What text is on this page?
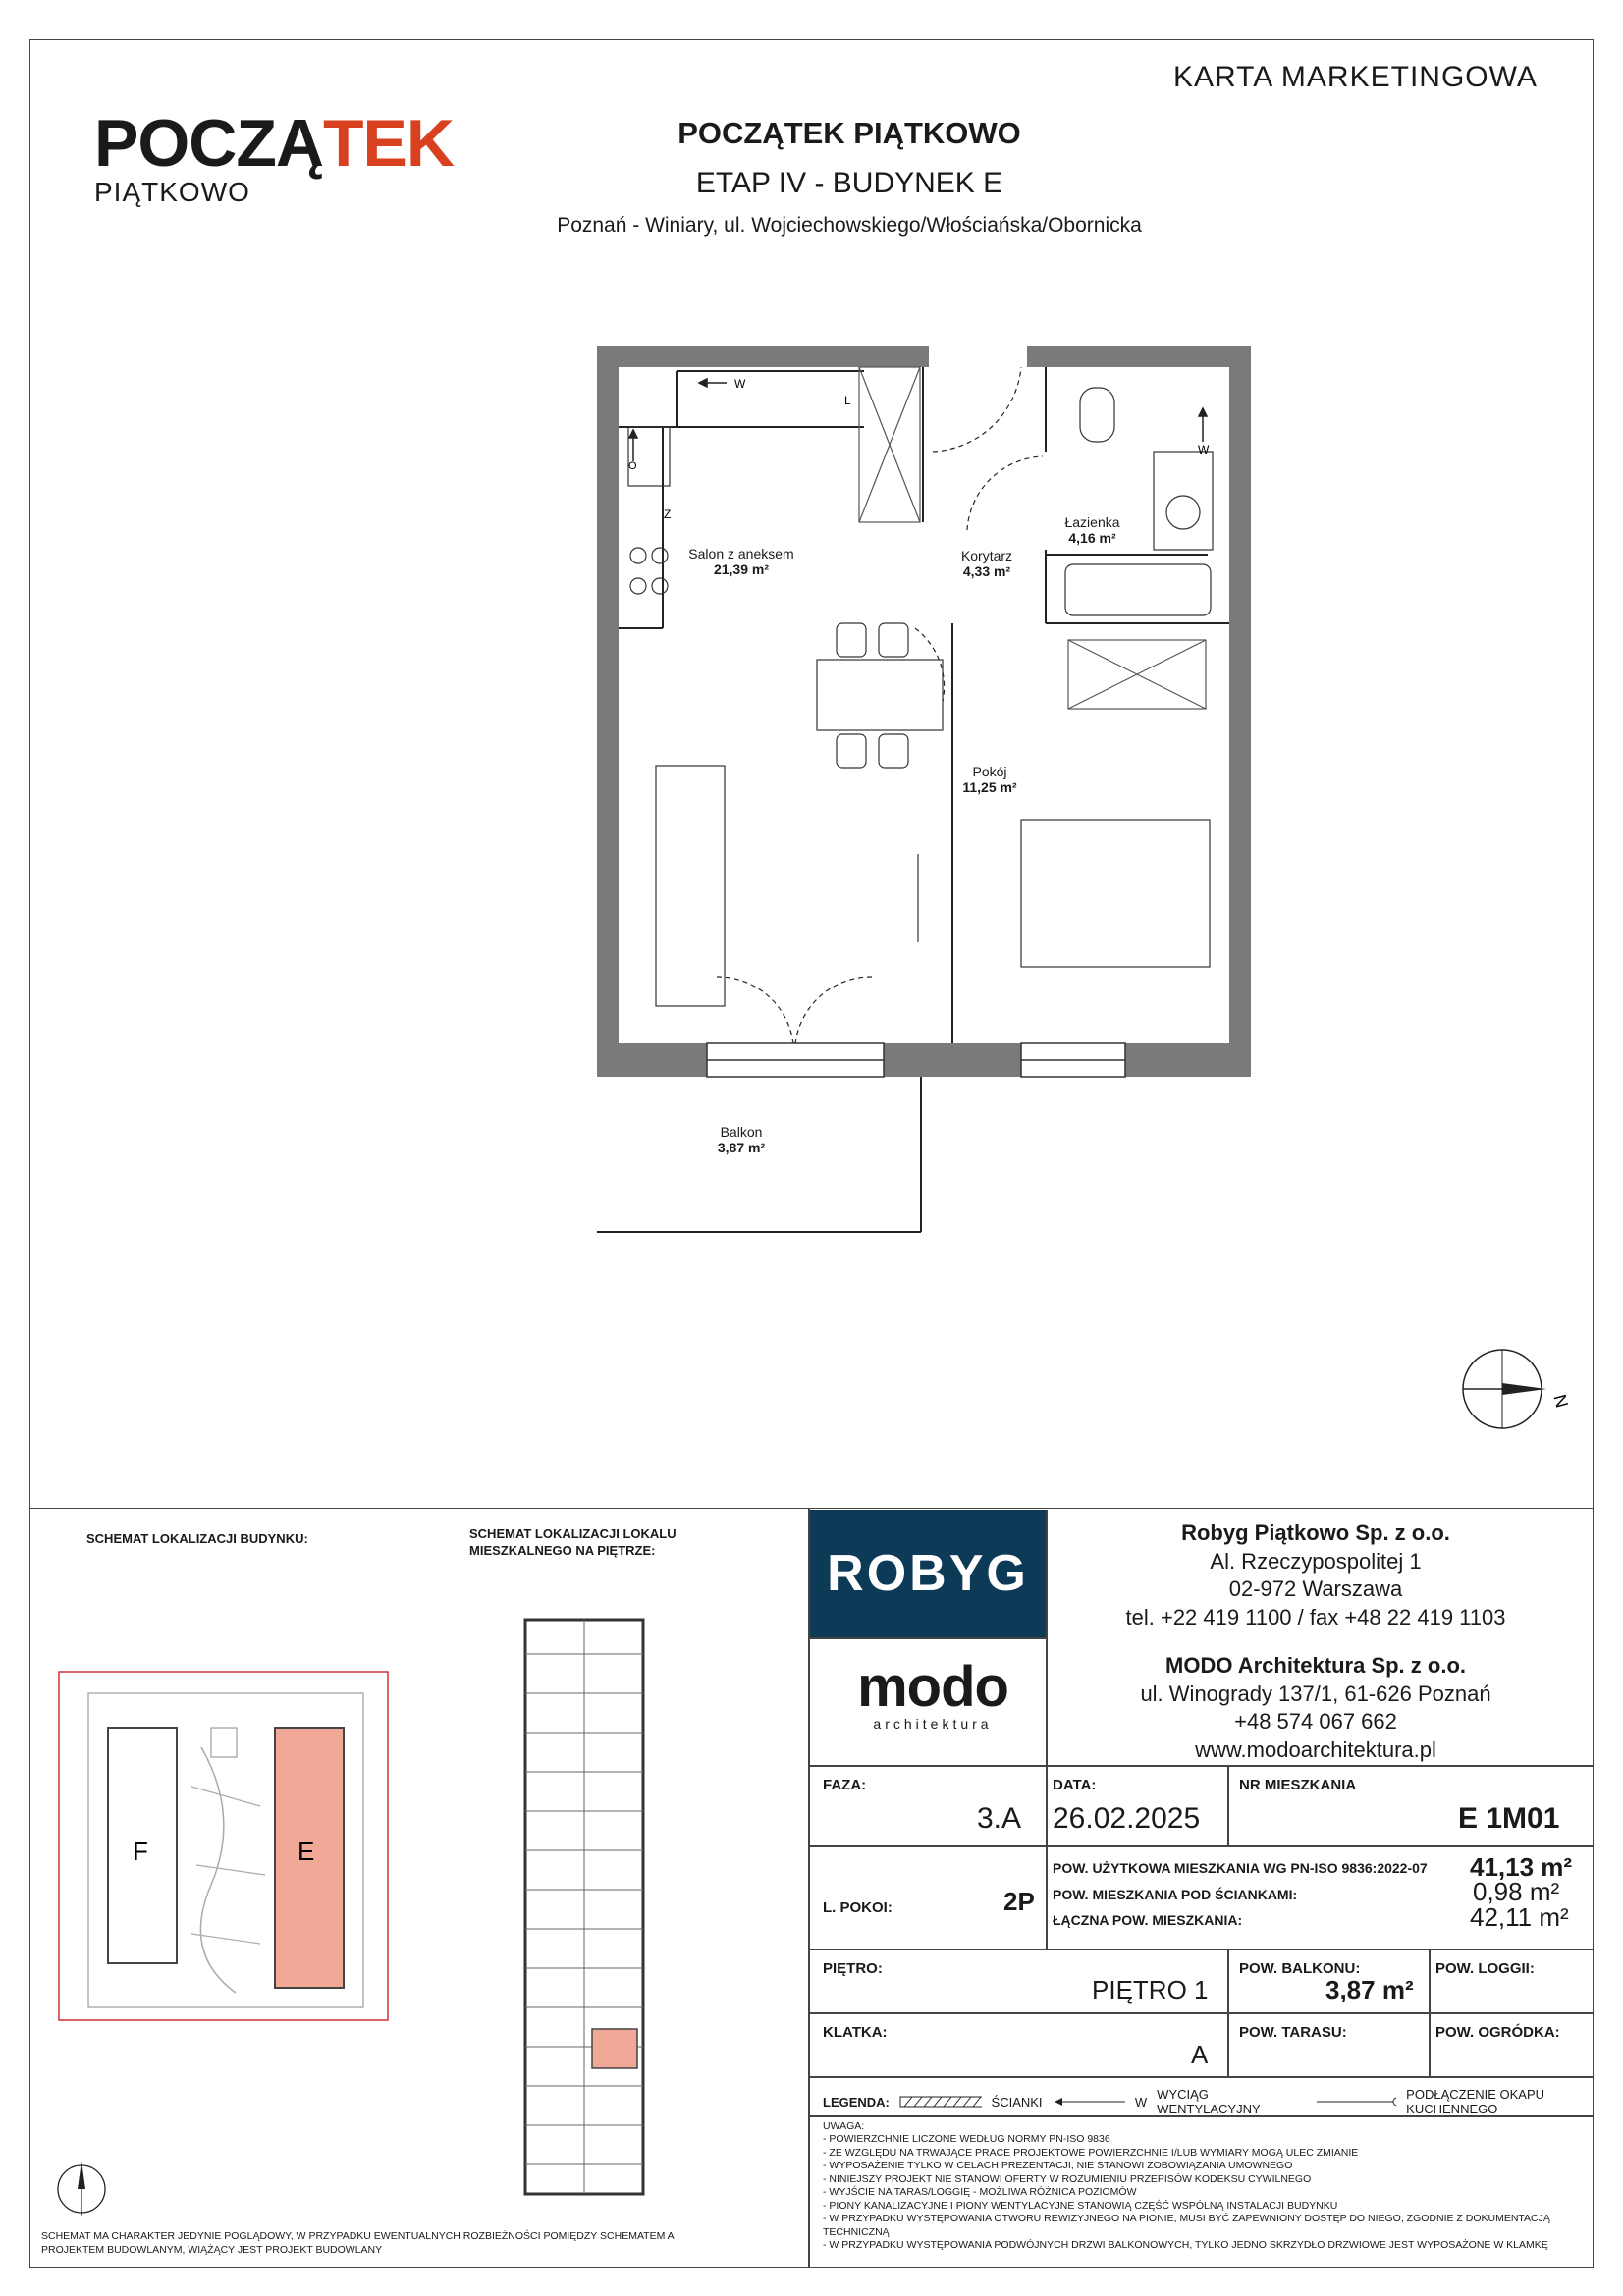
POCZĄTEK
PIĄTKOWO
KARTA MARKETINGOWA
POCZĄTEK PIĄTKOWO
ETAP IV - BUDYNEK E
Poznań - Winiary, ul. Wojciechowskiego/Włościańska/Obornicka
W
W
Z
L
O
Salon z aneksem
21,39 m²
Korytarz
4,33 m²
Łazienka
4,16 m²
Pokój
11,25 m²
Balkon
3,87 m²
N
SCHEMAT LOKALIZACJI BUDYNKU:	SCHEMAT LOKALIZACJI LOKALU
MIESZKALNEGO NA PIĘTRZE:
F	E
SCHEMAT MA CHARAKTER JEDYNIE POGLĄDOWY, W PRZYPADKU EWENTUALNYCH ROZBIEŻNOŚCI POMIĘDZY SCHEMATEM A PROJEKTEM BUDOWLANYM, WIĄŻĄCY JEST PROJEKT BUDOWLANY
ROBYG
Robyg Piątkowo Sp. z o.o.
Al. Rzeczypospolitej 1
02-972 Warszawa
tel. +22 419 1100 / fax +48 22 419 1103
modo
architektura
MODO Architektura Sp. z o.o.
ul. Winogrady 137/1, 61-626 Poznań
+48 574 067 662
www.modoarchitektura.pl
FAZA:
3.A
DATA:
26.02.2025
NR MIESZKANIA
E 1M01
L. POKOI:	2P
POW. UŻYTKOWA MIESZKANIA WG PN-ISO 9836:2022-07 41,13 m²
POW. MIESZKANIA POD ŚCIANKAMI:	0,98 m²
ŁĄCZNA POW. MIESZKANIA:	42,11 m²
PIĘTRO:
PIĘTRO 1
POW. BALKONU:
3,87 m²
POW. LOGGII:
KLATKA:
A
POW. TARASU:	POW. OGRÓDKA:
LEGENDA:	ŚCIANKI	W WYCIĄG WENTYLACYJNY
PODŁĄCZENIE OKAPU KUCHENNEGO
UWAGA:
- POWIERZCHNIE LICZONE WEDŁUG NORMY PN-ISO 9836
- ZE WZGLĘDU NA TRWAJĄCE PRACE PROJEKTOWE POWIERZCHNIE I/LUB WYMIARY MOGĄ ULEC ZMIANIE
- WYPOSAŻENIE TYLKO W CELACH PREZENTACJI, NIE STANOWI ZOBOWIĄZANIA UMOWNEGO
- NINIEJSZY PROJEKT NIE STANOWI OFERTY W ROZUMIENIU PRZEPISÓW KODEKSU CYWILNEGO
- WYJŚCIE NA TARAS/LOGGIĘ - MOŻLIWA RÓŻNICA POZIOMÓW
- PIONY KANALIZACYJNE I PIONY WENTYLACYJNE STANOWIĄ CZĘŚĆ WSPÓLNĄ INSTALACJI BUDYNKU
- W PRZYPADKU WYSTĘPOWANIA OTWORU REWIZYJNEGO NA PIONIE, MUSI BYĆ ZAPEWNIONY DOSTĘP DO NIEGO, ZGODNIE Z DOKUMENTACJĄ TECHNICZNĄ
- W PRZYPADKU WYSTĘPOWANIA PODWÓJNYCH DRZWI BALKONOWYCH, TYLKO JEDNO SKRZYDŁO DRZWIOWE JEST WYPOSAŻONE W KLAMKĘ
